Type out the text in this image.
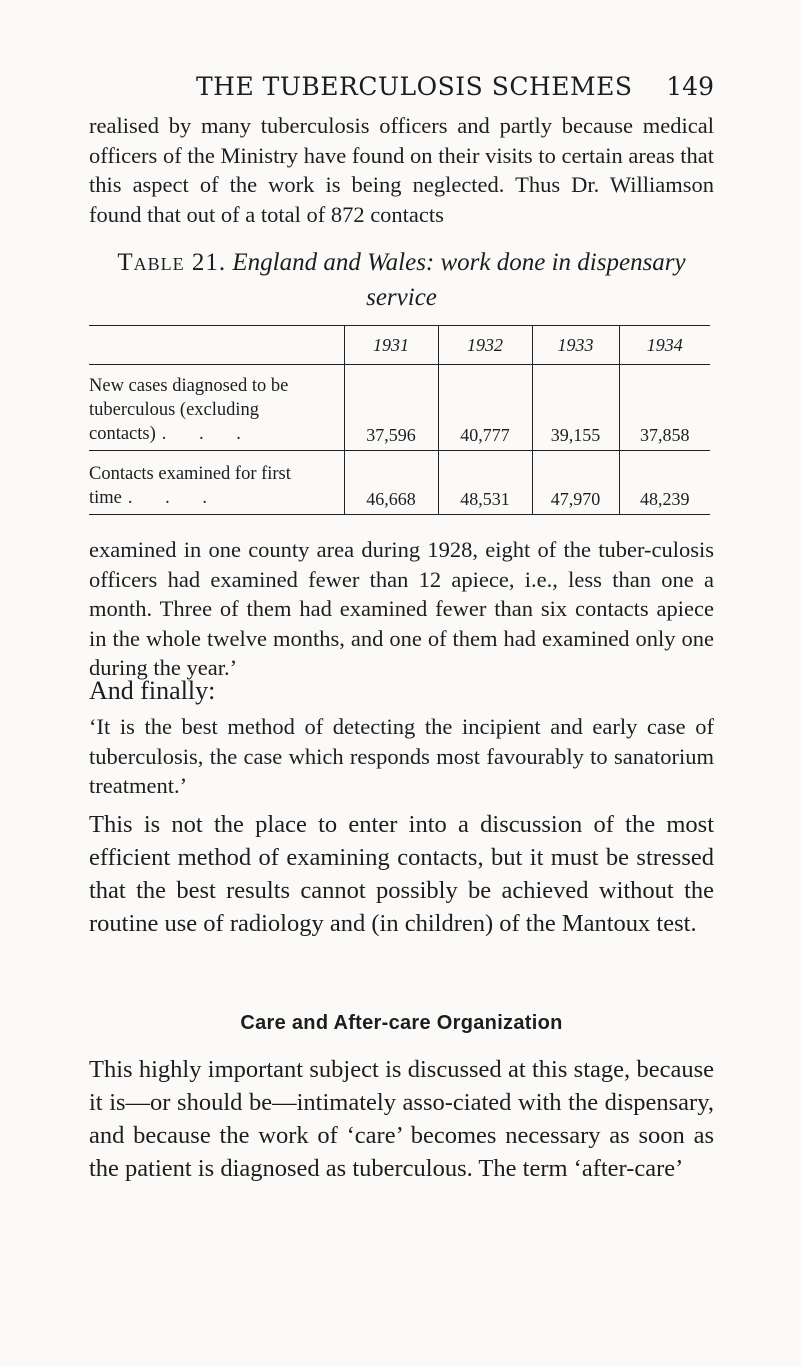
THE TUBERCULOSIS SCHEMES 149

realised by many tuberculosis officers and partly because medical officers of the Ministry have found on their visits to certain areas that this aspect of the work is being neglected. Thus Dr. Williamson found that out of a total of 872 contacts

Table 21. England and Wales: work done in dispensary service
	1931	1932	1933	1934
New cases diagnosed to be tuberculous (excluding contacts) . . .	37,596	40,777	39,155	37,858
Contacts examined for first time . . .	46,668	48,531	47,970	48,239

examined in one county area during 1928, eight of the tuber-culosis officers had examined fewer than 12 apiece, i.e., less than one a month. Three of them had examined fewer than six contacts apiece in the whole twelve months, and one of them had examined only one during the year.’

And finally:

‘It is the best method of detecting the incipient and early case of tuberculosis, the case which responds most favourably to sanatorium treatment.’

This is not the place to enter into a discussion of the most efficient method of examining contacts, but it must be stressed that the best results cannot possibly be achieved without the routine use of radiology and (in children) of the Mantoux test.

Care and After-care Organization

This highly important subject is discussed at this stage, because it is—or should be—intimately asso-ciated with the dispensary, and because the work of ‘care’ becomes necessary as soon as the patient is diagnosed as tuberculous. The term ‘after-care’
